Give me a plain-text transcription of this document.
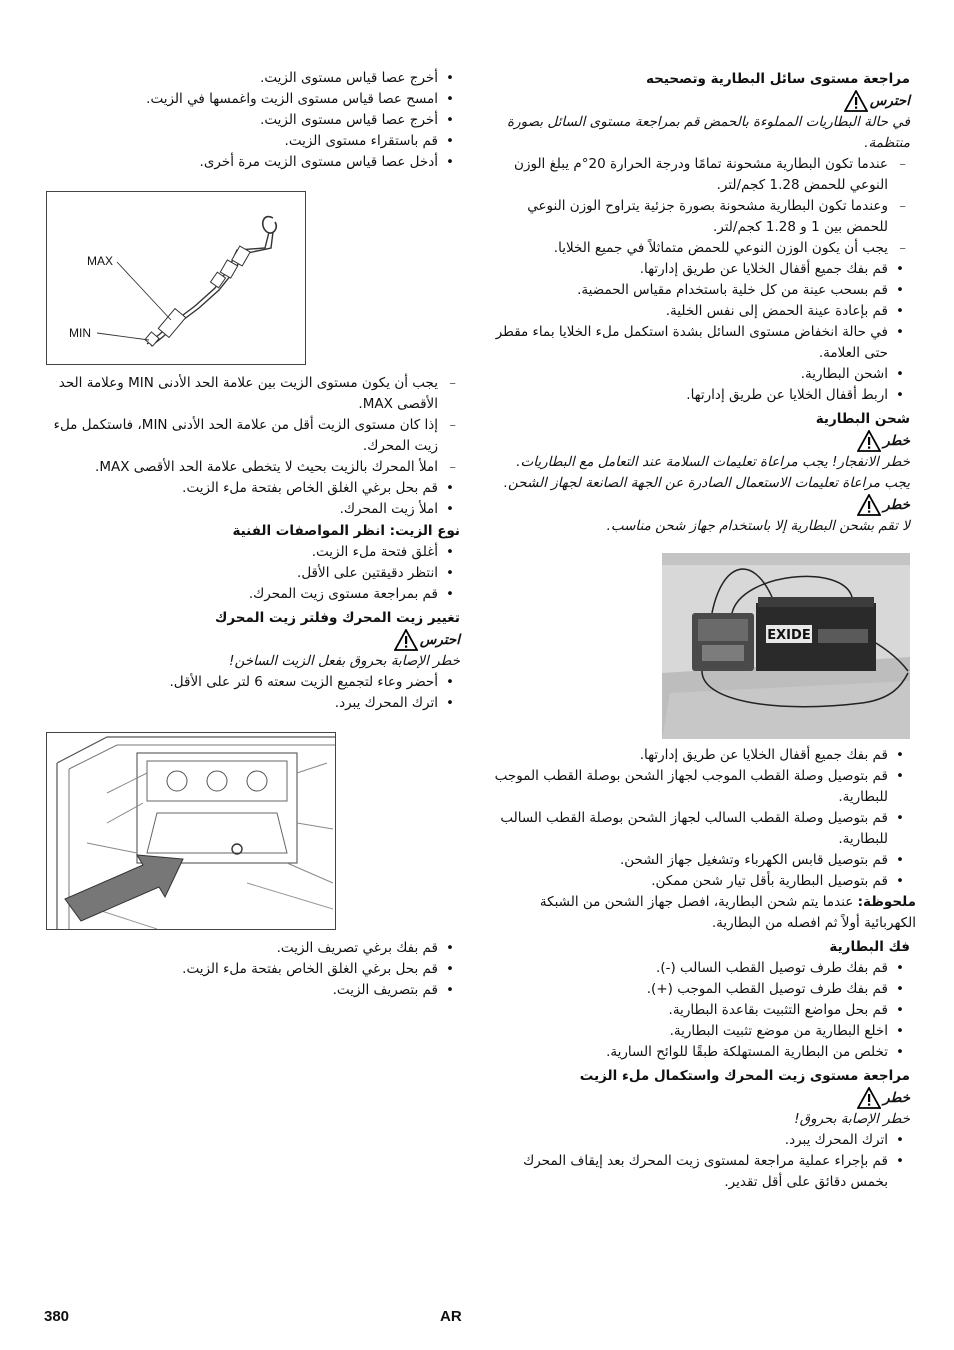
مراجعة مستوى سائل البطارية وتصحيحه
احترس
في حالة البطاريات المملوءة بالحمض قم بمراجعة مستوى السائل بصورة منتظمة.
– عندما تكون البطارية مشحونة تمامًا ودرجة الحرارة 20°م يبلغ الوزن النوعي للحمض 1.28 كجم/لتر.
– وعندما تكون البطارية مشحونة بصورة جزئية يتراوح الوزن النوعي للحمض بين 1 و 1.28 كجم/لتر.
– يجب أن يكون الوزن النوعي للحمض متماثلاً في جميع الخلايا.
• قم بفك جميع أقفال الخلايا عن طريق إدارتها.
• قم بسحب عينة من كل خلية باستخدام مقياس الحمضية.
• قم بإعادة عينة الحمض إلى نفس الخلية.
• في حالة انخفاض مستوى السائل بشدة استكمل ملء الخلايا بماء مقطر حتى العلامة.
• اشحن البطارية.
• اربط أقفال الخلايا عن طريق إدارتها.
شحن البطارية
خطر
خطر الانفجار! يجب مراعاة تعليمات السلامة عند التعامل مع البطاريات. يجب مراعاة تعليمات الاستعمال الصادرة عن الجهة الصانعة لجهاز الشحن.
خطر
لا تقم بشحن البطارية إلا باستخدام جهاز شحن مناسب.
EXIDE
• قم بفك جميع أقفال الخلايا عن طريق إدارتها.
• قم بتوصيل وصلة القطب الموجب لجهاز الشحن بوصلة القطب الموجب للبطارية.
• قم بتوصيل وصلة القطب السالب لجهاز الشحن بوصلة القطب السالب للبطارية.
• قم بتوصيل قابس الكهرباء وتشغيل جهاز الشحن.
• قم بتوصيل البطارية بأقل تيار شحن ممكن.
ملحوظة: عندما يتم شحن البطارية، افصل جهاز الشحن من الشبكة الكهربائية أولاً ثم افصله من البطارية.
فك البطارية
• قم بفك طرف توصيل القطب السالب (-).
• قم بفك طرف توصيل القطب الموجب (+).
• قم بحل مواضع التثبيت بقاعدة البطارية.
• اخلع البطارية من موضع تثبيت البطارية.
• تخلص من البطارية المستهلكة طبقًا للوائح السارية.
مراجعة مستوى زيت المحرك واستكمال ملء الزيت
خطر
خطر الإصابة بحروق!
• اترك المحرك يبرد.
• قم بإجراء عملية مراجعة لمستوى زيت المحرك بعد إيقاف المحرك بخمس دقائق على أقل تقدير.
• أخرج عصا قياس مستوى الزيت.
• امسح عصا قياس مستوى الزيت واغمسها في الزيت.
• أخرج عصا قياس مستوى الزيت.
• قم باستقراء مستوى الزيت.
• أدخل عصا قياس مستوى الزيت مرة أخرى.
MAX
MIN
– يجب أن يكون مستوى الزيت بين علامة الحد الأدنى MIN وعلامة الحد الأقصى MAX.
– إذا كان مستوى الزيت أقل من علامة الحد الأدنى MIN، فاستكمل ملء زيت المحرك.
– املأ المحرك بالزيت بحيث لا يتخطى علامة الحد الأقصى MAX.
• قم بحل برغي الغلق الخاص بفتحة ملء الزيت.
• املأ زيت المحرك.
نوع الزيت: انظر المواصفات الفنية
• أغلق فتحة ملء الزيت.
• انتظر دقيقتين على الأقل.
• قم بمراجعة مستوى زيت المحرك.
تغيير زيت المحرك وفلتر زيت المحرك
احترس
خطر الإصابة بحروق بفعل الزيت الساخن!
• أحضر وعاء لتجميع الزيت سعته 6 لتر على الأقل.
• اترك المحرك يبرد.
• قم بفك برغي تصريف الزيت.
• قم بحل برغي الغلق الخاص بفتحة ملء الزيت.
• قم بتصريف الزيت.
380	AR
